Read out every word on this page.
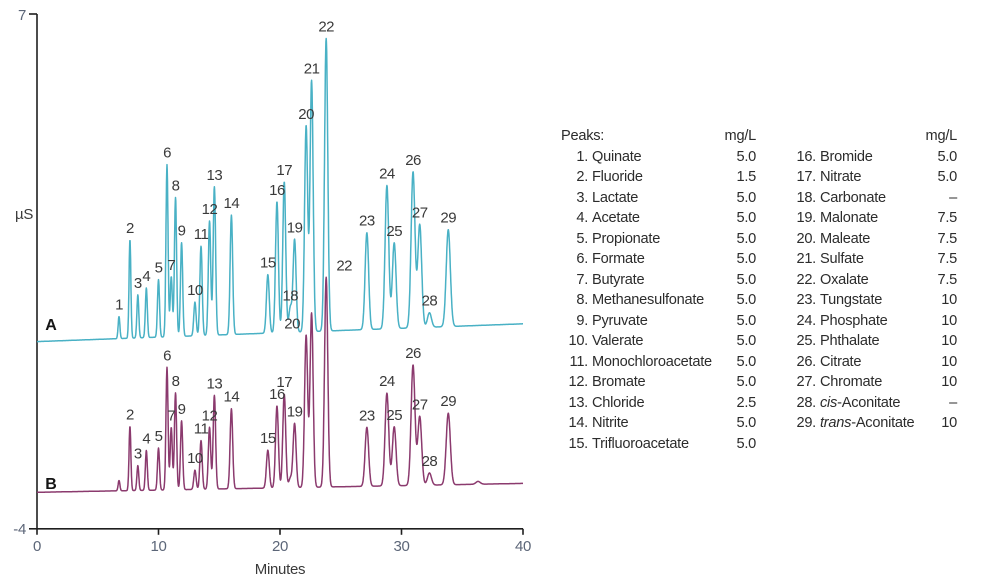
0	10	20	30	40
7
-4
µS
Minutes
1
2
3 4 5
6
7
8
9
10
11
12
13
14
15
16
17
18
19
20
21
22
23
24
25
26
27
28
29
2
3
4 5
6
7
8
9
10
11
12
13
14
15
16
17
19
20
22
23
24
25
26
27
28
29
A
B
Peaks:	mg/L
1. Quinate	5.0
2. Fluoride	1.5
3. Lactate	5.0
4. Acetate	5.0
5. Propionate	5.0
6. Formate	5.0
7. Butyrate	5.0
8. Methanesulfonate	5.0
9. Pyruvate	5.0
10. Valerate	5.0
11. Monochloroacetate	5.0
12. Bromate	5.0
13. Chloride	2.5
14. Nitrite	5.0
15. Trifluoroacetate	5.0
mg/L
16. Bromide	5.0
17. Nitrate	5.0
18. Carbonate	–
19. Malonate	7.5
20. Maleate	7.5
21. Sulfate	7.5
22. Oxalate	7.5
23. Tungstate	10
24. Phosphate	10
25. Phthalate	10
26. Citrate	10
27. Chromate	10
28. cis-Aconitate	–
29. trans-Aconitate	10
